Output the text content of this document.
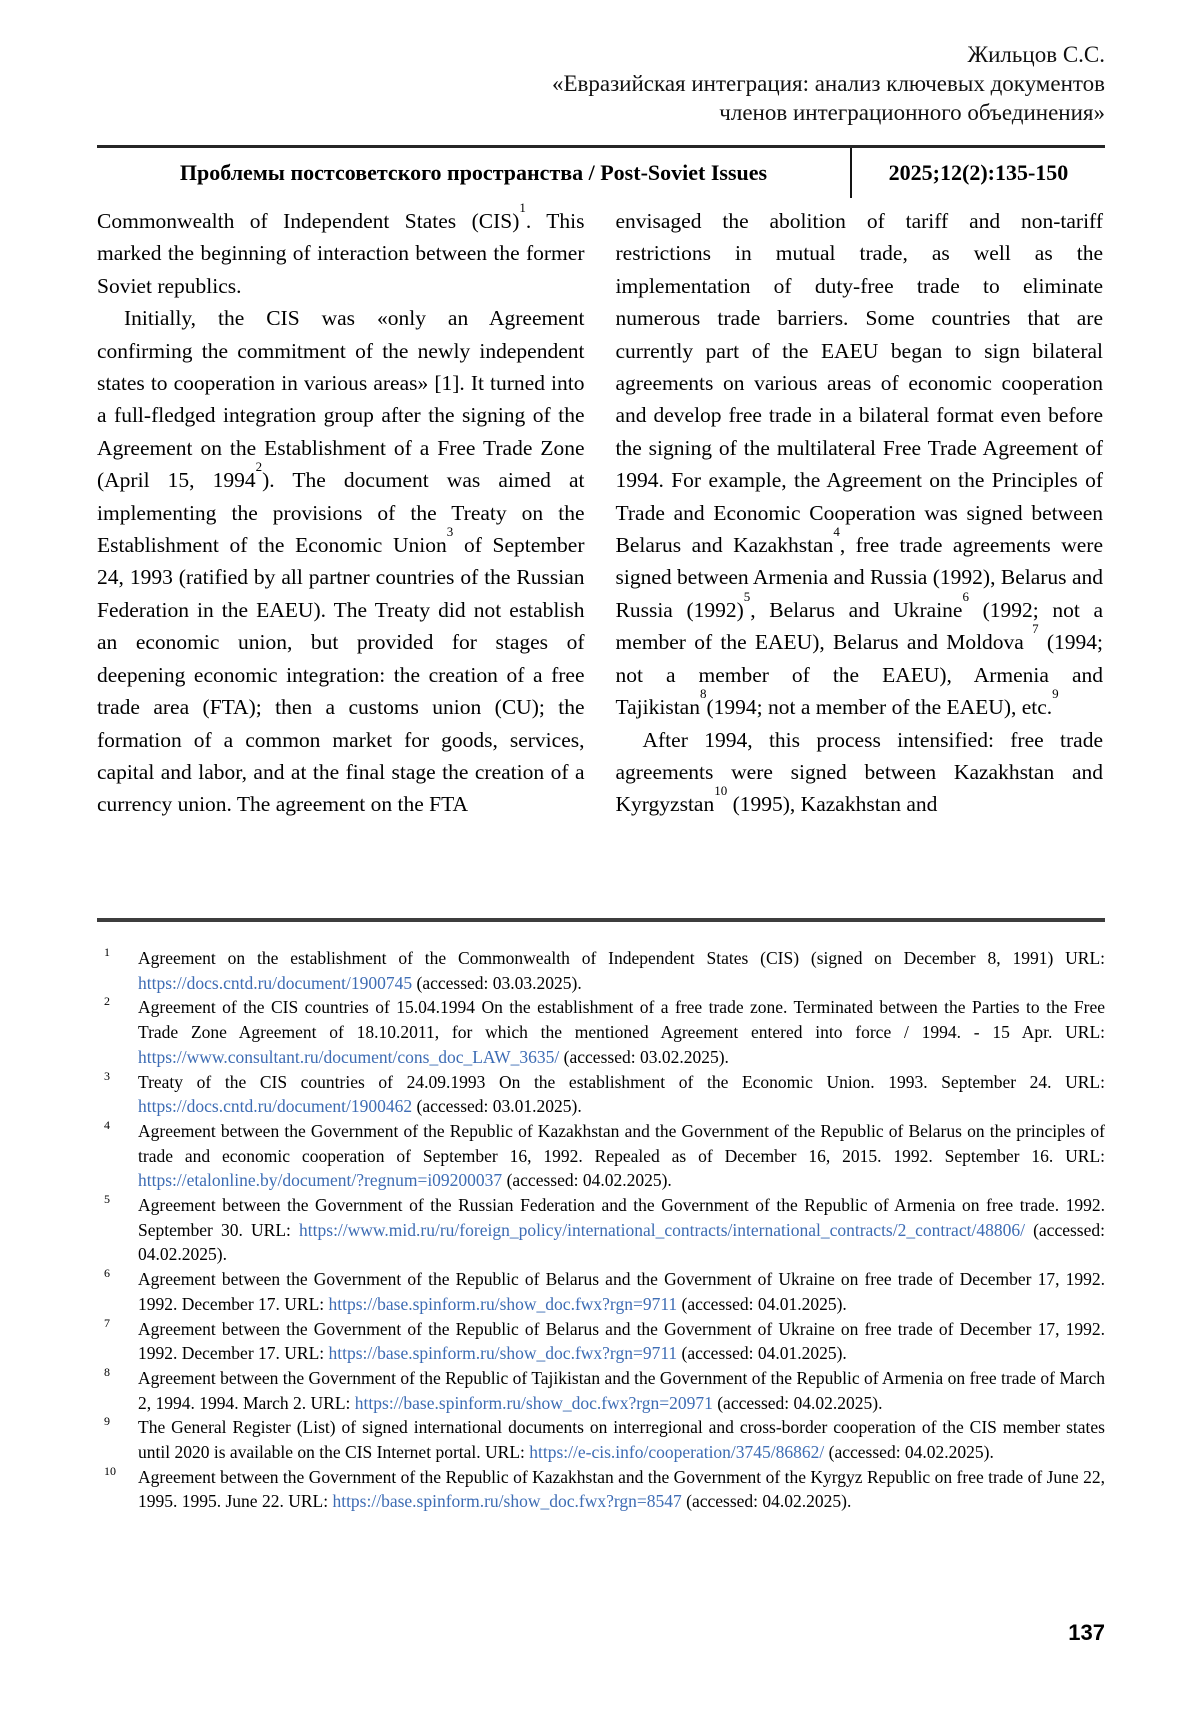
Жильцов С.С.
«Евразийская интеграция: анализ ключевых документов
членов интеграционного объединения»
Проблемы постсоветского пространства / Post-Soviet Issues	2025;12(2):135-150

Commonwealth of Independent States (CIS)$^1$. This marked the beginning of interaction between the former Soviet republics.

Initially, the CIS was «only an Agreement confirming the commitment of the newly independent states to cooperation in various areas» [1]. It turned into a full-fledged integration group after the signing of the Agreement on the Establishment of a Free Trade Zone (April 15, 1994$^2$). The document was aimed at implementing the provisions of the Treaty on the Establishment of the Economic Union$^3$ of September 24, 1993 (ratified by all partner countries of the Russian Federation in the EAEU). The Treaty did not establish an economic union, but provided for stages of deepening economic integration: the creation of a free trade area (FTA); then a customs union (CU); the formation of a common market for goods, services, capital and labor, and at the final stage the creation of a currency union. The agreement on the FTA

envisaged the abolition of tariff and non-tariff restrictions in mutual trade, as well as the implementation of duty-free trade to eliminate numerous trade barriers. Some countries that are currently part of the EAEU began to sign bilateral agreements on various areas of economic cooperation and develop free trade in a bilateral format even before the signing of the multilateral Free Trade Agreement of 1994. For example, the Agreement on the Principles of Trade and Economic Cooperation was signed between Belarus and Kazakhstan$^4$, free trade agreements were signed between Armenia and Russia (1992), Belarus and Russia $(1992)^5$, Belarus and Ukraine$^6$ (1992; not a member of the EAEU), Belarus and Moldova $^7$ (1994; not a member of the EAEU), Armenia and Tajikistan$^8$(1994; not a member of the EAEU), etc.$^9$

After 1994, this process intensified: free trade agreements were signed between Kazakhstan and Kyrgyzstan$^{10}$ (1995), Kazakhstan and

1 Agreement on the establishment of the Commonwealth of Independent States (CIS) (signed on December 8, 1991) URL: https://docs.cntd.ru/document/1900745 (accessed: 03.03.2025).
2 Agreement of the CIS countries of 15.04.1994 On the establishment of a free trade zone. Terminated between the Parties to the Free Trade Zone Agreement of 18.10.2011, for which the mentioned Agreement entered into force / 1994. - 15 Apr. URL: https://www.consultant.ru/document/cons_doc_LAW_3635/ (accessed: 03.02.2025).
3 Treaty of the CIS countries of 24.09.1993 On the establishment of the Economic Union. 1993. September 24. URL: https://docs.cntd.ru/document/1900462 (accessed: 03.01.2025).
4 Agreement between the Government of the Republic of Kazakhstan and the Government of the Republic of Belarus on the principles of trade and economic cooperation of September 16, 1992. Repealed as of December 16, 2015. 1992. September 16. URL: https://etalonline.by/document/?regnum=i09200037 (accessed: 04.02.2025).
5 Agreement between the Government of the Russian Federation and the Government of the Republic of Armenia on free trade. 1992. September 30. URL: https://www.mid.ru/ru/foreign_policy/international_contracts/international_contracts/2_contract/48806/ (accessed: 04.02.2025).
6 Agreement between the Government of the Republic of Belarus and the Government of Ukraine on free trade of December 17, 1992. 1992. December 17. URL: https://base.spinform.ru/show_doc.fwx?rgn=9711 (accessed: 04.01.2025).
7 Agreement between the Government of the Republic of Belarus and the Government of Ukraine on free trade of December 17, 1992. 1992. December 17. URL: https://base.spinform.ru/show_doc.fwx?rgn=9711 (accessed: 04.01.2025).
8 Agreement between the Government of the Republic of Tajikistan and the Government of the Republic of Armenia on free trade of March 2, 1994. 1994. March 2. URL: https://base.spinform.ru/show_doc.fwx?rgn=20971 (accessed: 04.02.2025).
9 The General Register (List) of signed international documents on interregional and cross-border cooperation of the CIS member states until 2020 is available on the CIS Internet portal. URL: https://e-cis.info/cooperation/3745/86862/ (accessed: 04.02.2025).
10 Agreement between the Government of the Republic of Kazakhstan and the Government of the Kyrgyz Republic on free trade of June 22, 1995. 1995. June 22. URL: https://base.spinform.ru/show_doc.fwx?rgn=8547 (accessed: 04.02.2025).
137
